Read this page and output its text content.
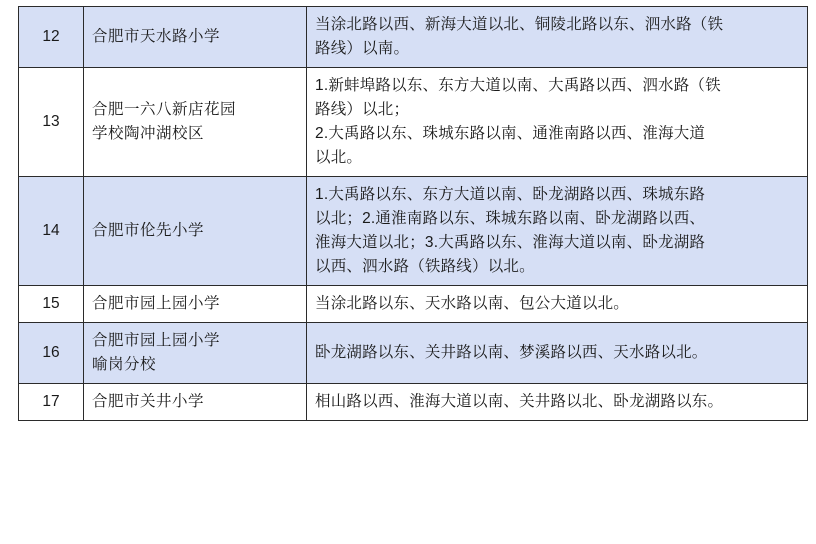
12	合肥市天水路小学	当涂北路以西、新海大道以北、铜陵北路以东、泗水路（铁
路线）以南。

13	合肥一六八新店花园
学校陶冲湖校区	1.新蚌埠路以东、东方大道以南、大禹路以西、泗水路（铁
路线）以北；
2.大禹路以东、珠城东路以南、通淮南路以西、淮海大道
以北。

14	合肥市伦先小学	1.大禹路以东、东方大道以南、卧龙湖路以西、珠城东路
以北；2.通淮南路以东、珠城东路以南、卧龙湖路以西、
淮海大道以北；3.大禹路以东、淮海大道以南、卧龙湖路
以西、泗水路（铁路线）以北。

15	合肥市园上园小学	当涂北路以东、天水路以南、包公大道以北。

16	合肥市园上园小学
喻岗分校	卧龙湖路以东、关井路以南、梦溪路以西、天水路以北。

17	合肥市关井小学	相山路以西、淮海大道以南、关井路以北、卧龙湖路以东。
